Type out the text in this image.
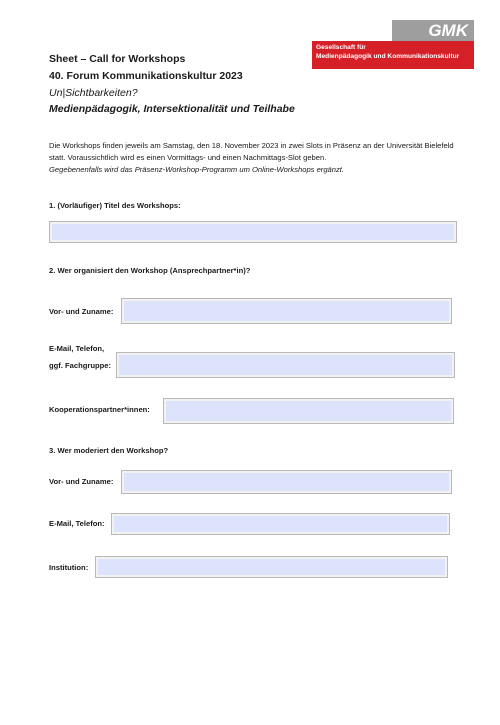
GMK
Gesellschaft für
Medienpädagogik und Kommunikationskultur
Sheet – Call for Workshops
40. Forum Kommunikationskultur 2023
Un|Sichtbarkeiten?
Medienpädagogik, Intersektionalität und Teilhabe
Die Workshops finden jeweils am Samstag, den 18. November 2023 in zwei Slots in Präsenz an der Universität Bielefeld statt. Voraussichtlich wird es einen Vormittags- und einen Nachmittags-Slot geben.
Gegebenenfalls wird das Präsenz-Workshop-Programm um Online-Workshops ergänzt.
1. (Vorläufiger) Titel des Workshops:
2. Wer organisiert den Workshop (Ansprechpartner*in)?
Vor- und Zuname:
E-Mail, Telefon,
ggf. Fachgruppe:
Kooperationspartner*innen:
3. Wer moderiert den Workshop?
Vor- und Zuname:
E-Mail, Telefon:
Institution:
